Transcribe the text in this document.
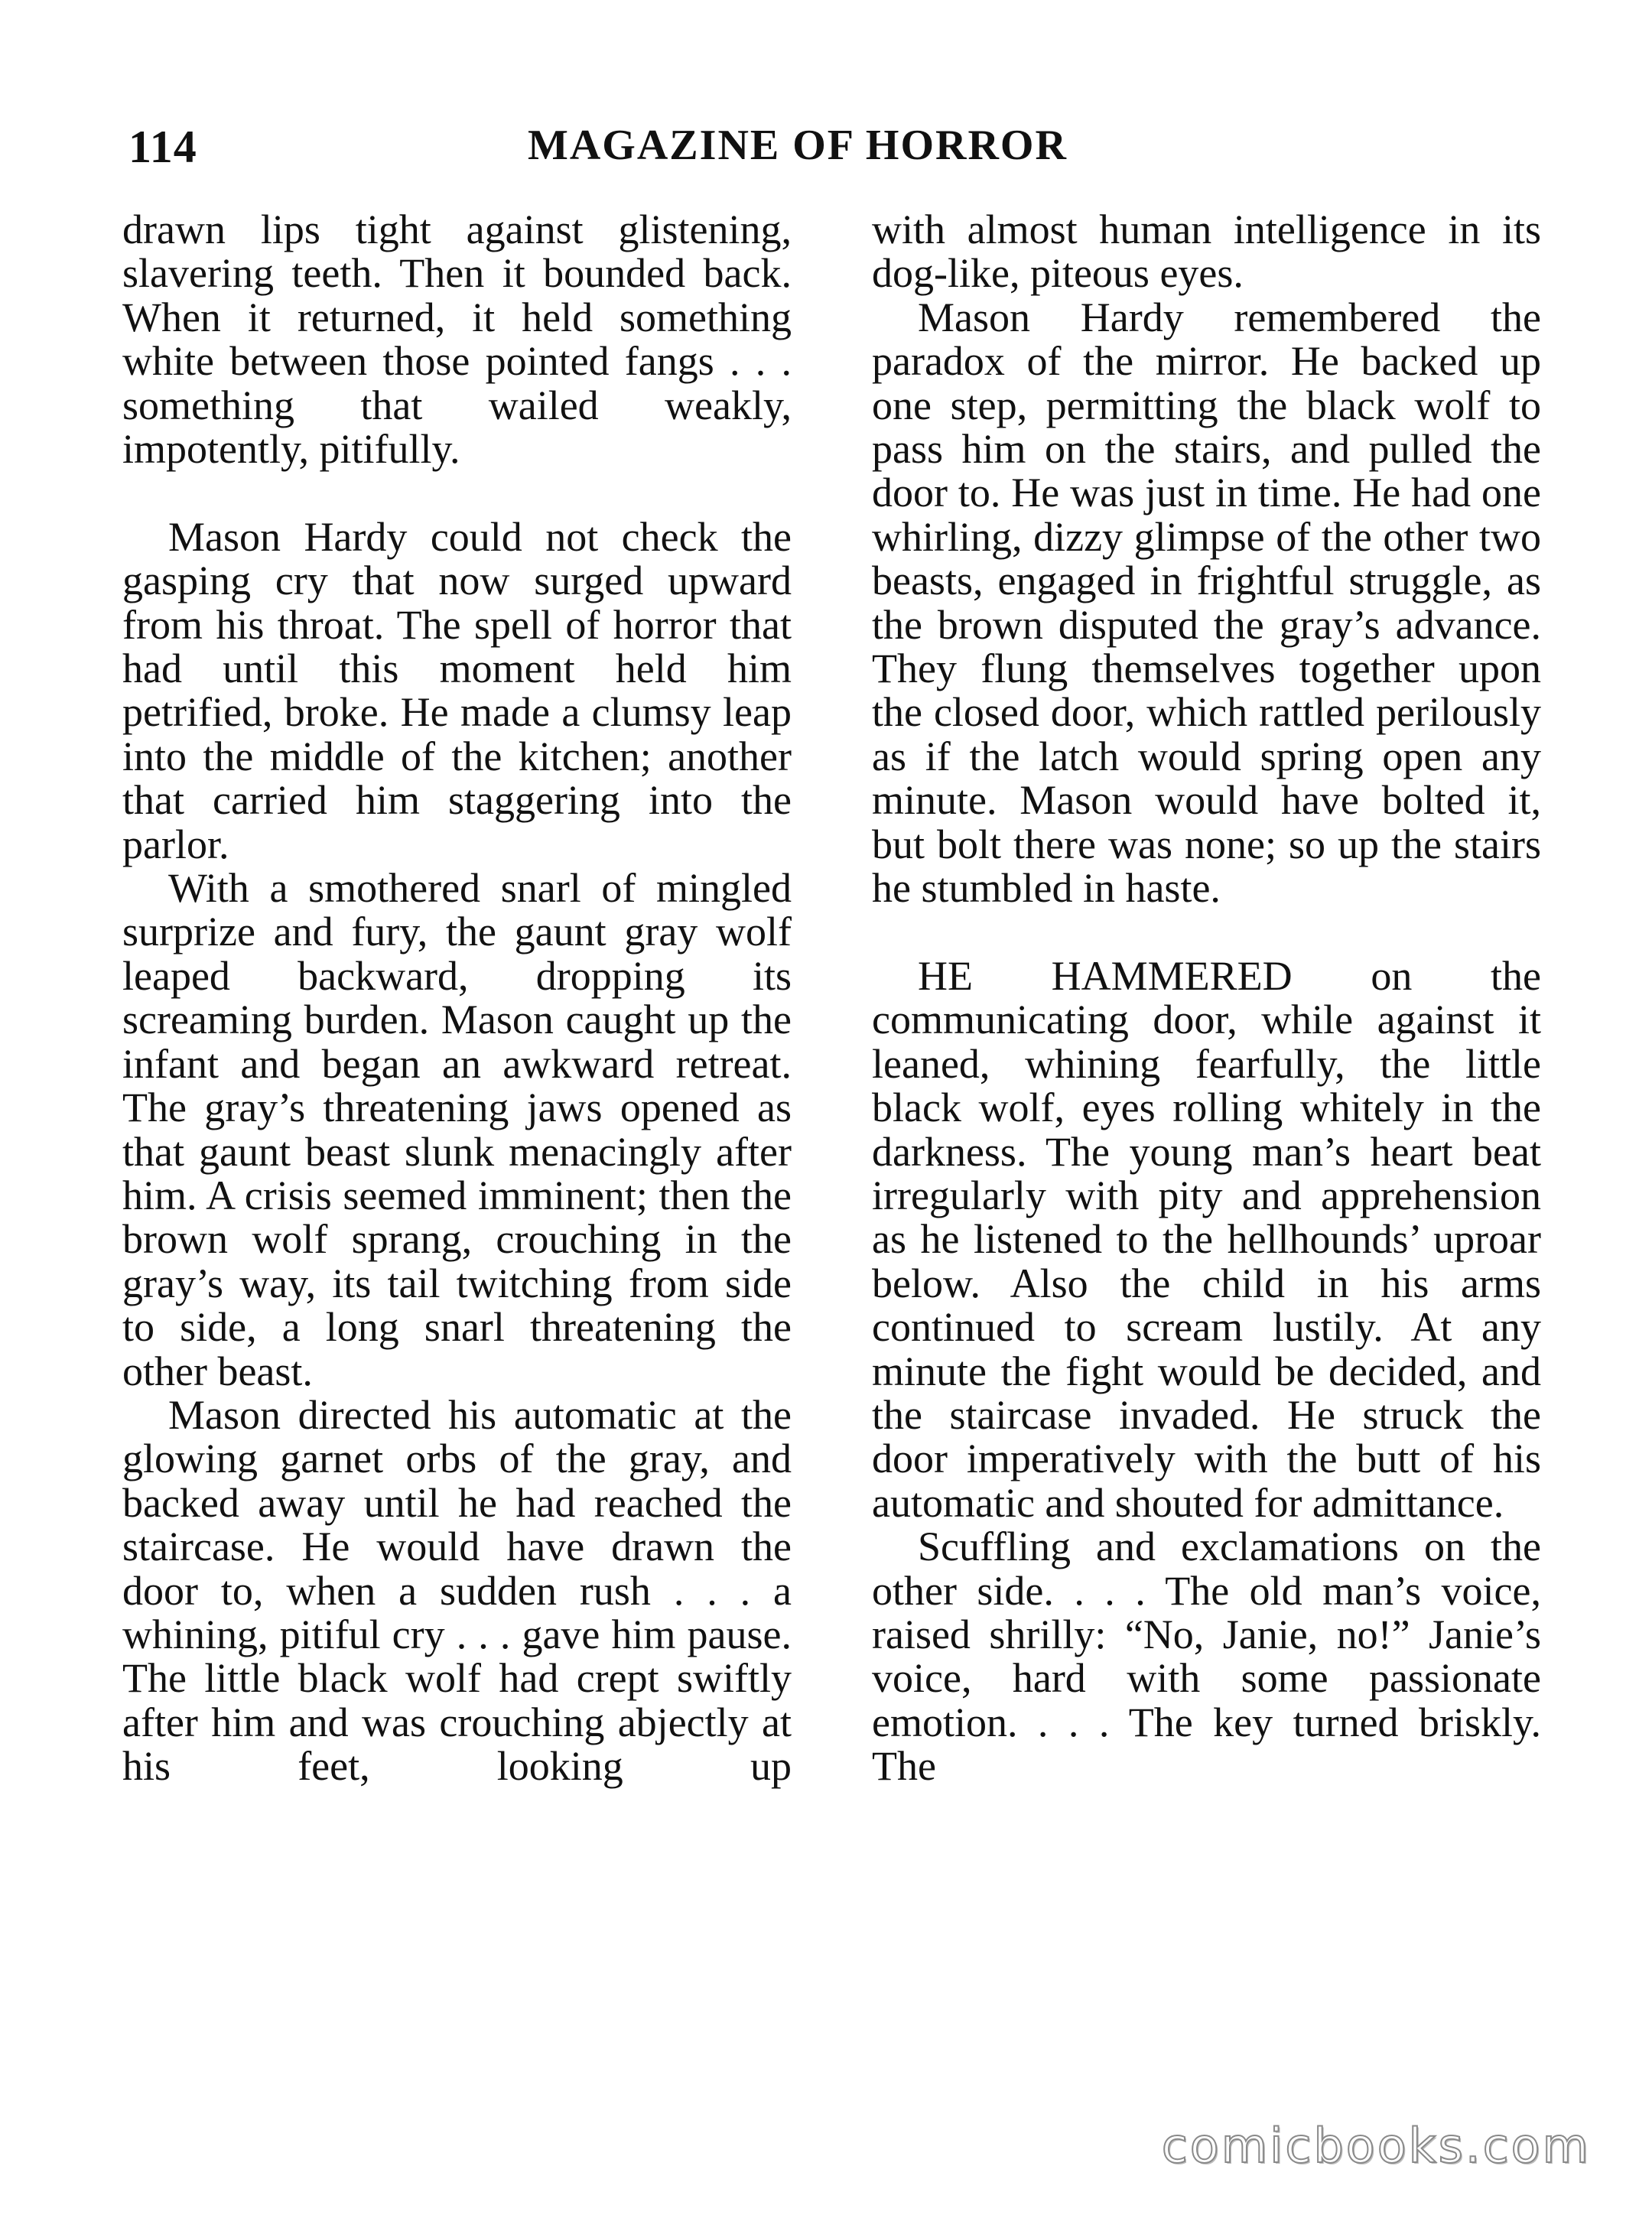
114	MAGAZINE OF HORROR

drawn lips tight against glistening, slavering teeth. Then it bounded back. When it returned, it held something white between those pointed fangs . . . something that wailed weakly, impotently, pitifully.

Mason Hardy could not check the gasping cry that now surged upward from his throat. The spell of horror that had until this moment held him petrified, broke. He made a clumsy leap into the middle of the kitchen; another that carried him staggering into the parlor.

With a smothered snarl of mingled surprize and fury, the gaunt gray wolf leaped backward, dropping its screaming burden. Mason caught up the infant and began an awkward retreat. The gray’s threatening jaws opened as that gaunt beast slunk menacingly after him. A crisis seemed imminent; then the brown wolf sprang, crouching in the gray’s way, its tail twitching from side to side, a long snarl threatening the other beast.

Mason directed his automatic at the glowing garnet orbs of the gray, and backed away until he had reached the staircase. He would have drawn the door to, when a sudden rush . . . a whining, pitiful cry . . . gave him pause. The little black wolf had crept swiftly after him and was crouching abjectly at his feet, looking up

with almost human intelligence in its dog-like, piteous eyes.

Mason Hardy remembered the paradox of the mirror. He backed up one step, permitting the black wolf to pass him on the stairs, and pulled the door to. He was just in time. He had one whirling, dizzy glimpse of the other two beasts, engaged in frightful struggle, as the brown disputed the gray’s advance. They flung themselves together upon the closed door, which rattled perilously as if the latch would spring open any minute. Mason would have bolted it, but bolt there was none; so up the stairs he stumbled in haste.

HE HAMMERED on the communicating door, while against it leaned, whining fearfully, the little black wolf, eyes rolling whitely in the darkness. The young man’s heart beat irregularly with pity and apprehension as he listened to the hellhounds’ uproar below. Also the child in his arms continued to scream lustily. At any minute the fight would be decided, and the staircase invaded. He struck the door imperatively with the butt of his automatic and shouted for admittance.

Scuffling and exclamations on the other side. . . . The old man’s voice, raised shrilly: “No, Janie, no!” Janie’s voice, hard with some passionate emotion. . . . The key turned briskly. The

comicbooks.com
